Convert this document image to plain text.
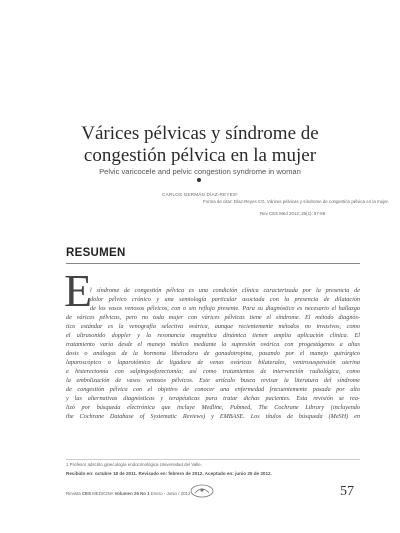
Várices pélvicas y síndrome de
congestión pélvica en la mujer
Pelvic varicocele and pelvic congestion syndrome in woman
CARLOS GERMÁN DÍAZ-REYES¹
Forma de citar: Díaz-Reyes CG. Várices pélvicas y síndrome de congestión pélvica en la mujer.
Rev CES Med 2012; 26(1): 57-69
RESUMEN
E
l síndrome de congestión pélvica es una condición clínica caracterizada por la presencia de
dolor pélvico crónico y una semiología particular asociada con la presencia de dilatación
de los vasos venosos pélvicos, con o sin reflujo presente. Para su diagnóstico es necesario el hallazgo
de várices pélvicas, pero no toda mujer con várices pélvicas tiene el síndrome. El método diagnós-
tico estándar es la venografía selectiva ovárica, aunque recientemente métodos no invasivos, como
el ultrasonido doppler y la resonancia magnética dinámica tienen amplia aplicación clínica. El
tratamiento varía desde el manejo médico mediante la supresión ovárica con progestágenos a altas
dosis o análogos de la hormona liberadora de gonadotropina, pasando por el manejo quirúrgico
laparoscópico o laparotómico de ligadura de venas ováricas bilaterales, ventrosuspensión uterina
e histerectomía con salpingooforectomía; así como tratamientos de intervención radiológica, como
la embolización de vasos venosos pélvicos. Este artículo busca revisar la literatura del síndrome
de congestión pélvica con el objetivo de conocer una enfermedad frecuentemente pasada por alto
y las alternativas diagnósticas y terapéuticas para tratar dichas pacientes. Esta revisión se rea-
lizó por búsqueda electrónica que incluye Medline, Pubmed, The Cochrane Library (incluyendo
the Cochrane Database of Systematic Reviews) y EMBASE. Los títulos de búsqueda (MeSH) en
1 Profesor adscrito ginecología endocrinológica Universidad del Valle.
Recibido en: octubre 18 de 2011. Revisado en: febrero de 2012. Aceptado en: junio 25 de 2012.
Revista CES MEDICINA Volumen 26 No 1 Enero - Junio / 2012	57
